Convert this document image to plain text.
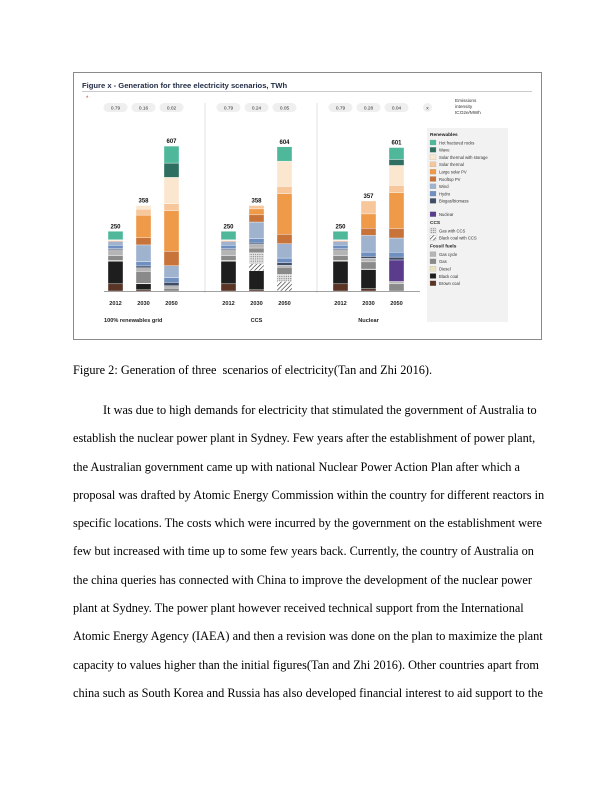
Figure x - Generation for three electricity scenarios, TWh
*
0.79	0.16	0.02
250
2012
358
2030
607
2050
100% renewables grid
0.79	0.24	0.05
250
2012
358
2030
604
2050
CCS
0.79	0.28	0.04
250
2012
357
2030
601
2050
Nuclear
x
Emissions
intensity
tCO2e/MWh
Renewables
Hot fractured rocks
Wave
Solar thermal with storage
Solar thermal
Large solar PV
Rooftop PV
Wind
Hydro
Biogas/biomass
Nuclear
CCS
Gas with CCS
Black coal with CCS
Fossil fuels
Gas cycle
Gas
Diesel
Black coal
Brown coal
Figure 2: Generation of three  scenarios of electricity(Tan and Zhi 2016).
It was due to high demands for electricity that stimulated the government of Australia to
establish the nuclear power plant in Sydney. Few years after the establishment of power plant,
the Australian government came up with national Nuclear Power Action Plan after which a
proposal was drafted by Atomic Energy Commission within the country for different reactors in
specific locations. The costs which were incurred by the government on the establishment were
few but increased with time up to some few years back. Currently, the country of Australia on
the china queries has connected with China to improve the development of the nuclear power
plant at Sydney. The power plant however received technical support from the International
Atomic Energy Agency (IAEA) and then a revision was done on the plan to maximize the plant
capacity to values higher than the initial figures(Tan and Zhi 2016). Other countries apart from
china such as South Korea and Russia has also developed financial interest to aid support to the
